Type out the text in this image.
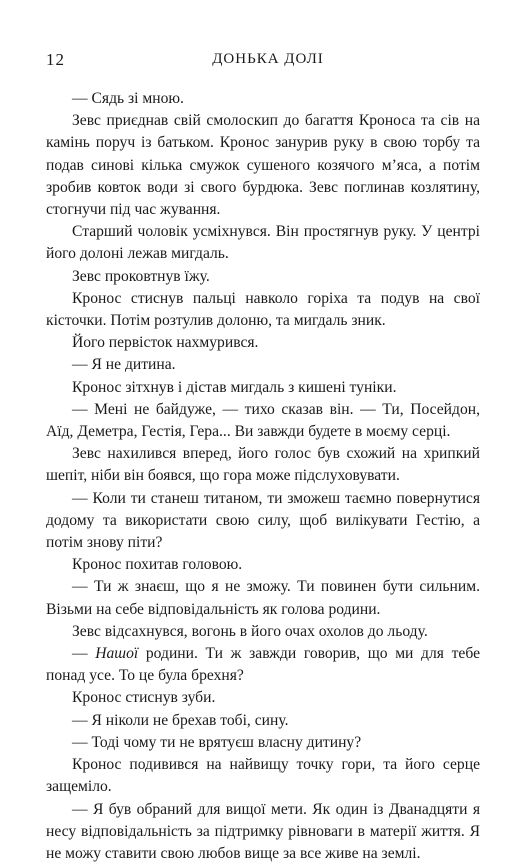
12	ДОНЬКА ДОЛІ

— Сядь зі мною.

Зевс приєднав свій смолоскип до багаття Кроноса та сів на камінь поруч із батьком. Кронос занурив руку в свою торбу та подав синові кілька смужок сушеного козячого м’яса, а потім зробив ковток води зі свого бурдюка. Зевс поглинав козлятину, стогнучи під час жування.

Старший чоловік усміхнувся. Він простягнув руку. У центрі його долоні лежав мигдаль.

Зевс проковтнув їжу.

Кронос стиснув пальці навколо горіха та подув на свої кісточки. Потім розтулив долоню, та мигдаль зник.

Його первісток нахмурився.

— Я не дитина.

Кронос зітхнув і дістав мигдаль з кишені туніки.

— Мені не байдуже, — тихо сказав він. — Ти, Посейдон, Аїд, Деметра, Гестія, Гера... Ви завжди будете в моєму серці.

Зевс нахилився вперед, його голос був схожий на хрипкий шепіт, ніби він боявся, що гора може підслуховувати.

— Коли ти станеш титаном, ти зможеш таємно повернутися додому та використати свою силу, щоб вилікувати Гестію, а потім знову піти?

Кронос похитав головою.

— Ти ж знаєш, що я не зможу. Ти повинен бути сильним. Візьми на себе відповідальність як голова родини.

Зевс відсахнувся, вогонь в його очах охолов до льоду.

— Нашої родини. Ти ж завжди говорив, що ми для тебе понад усе. То це була брехня?

Кронос стиснув зуби.

— Я ніколи не брехав тобі, сину.

— Тоді чому ти не врятуєш власну дитину?

Кронос подивився на найвищу точку гори, та його серце защеміло.

— Я був обраний для вищої мети. Як один із Дванадцяти я несу відповідальність за підтримку рівноваги в матерії життя. Я не можу ставити свою любов вище за все живе на землі.
